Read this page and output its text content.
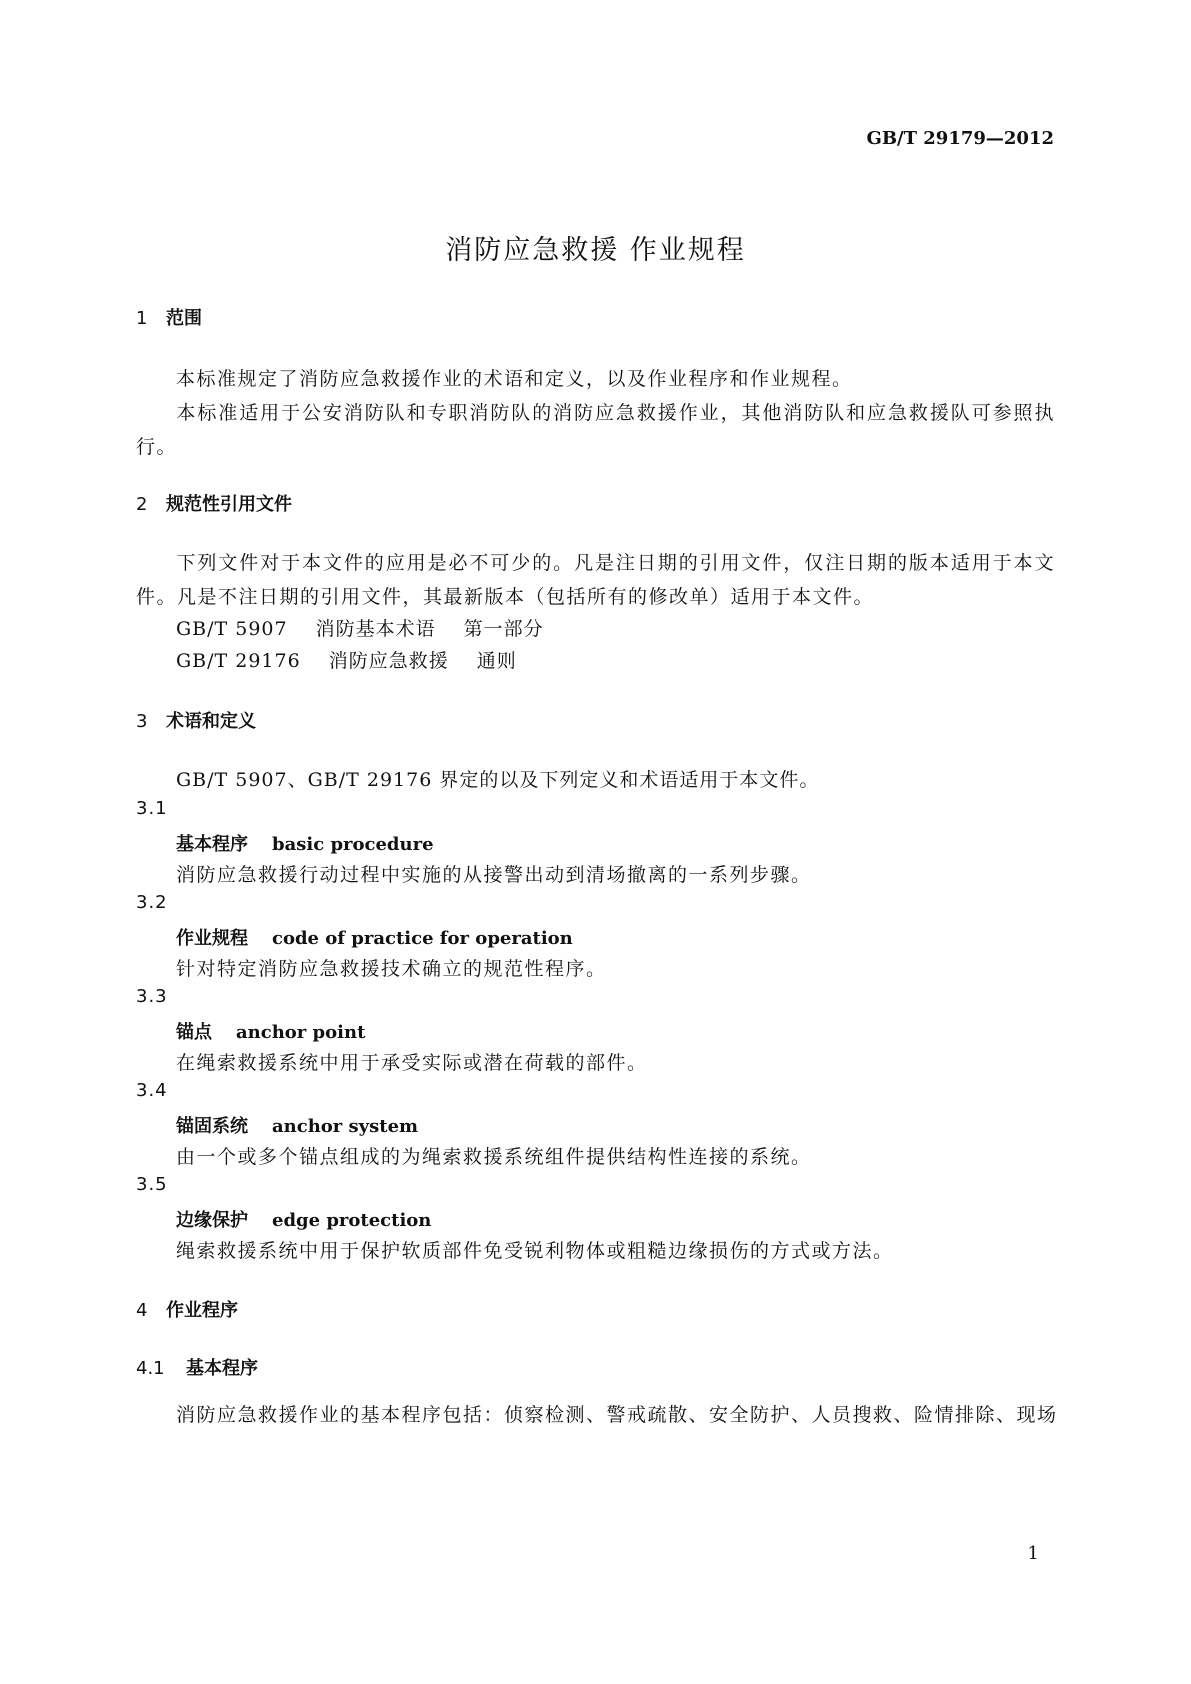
GB/T 29179—2012
消防应急救援 作业规程
1 范围
本标准规定了消防应急救援作业的术语和定义，以及作业程序和作业规程。
本标准适用于公安消防队和专职消防队的消防应急救援作业，其他消防队和应急救援队可参照执行。
2 规范性引用文件
下列文件对于本文件的应用是必不可少的。凡是注日期的引用文件，仅注日期的版本适用于本文件。凡是不注日期的引用文件，其最新版本（包括所有的修改单）适用于本文件。
GB/T 5907 消防基本术语 第一部分
GB/T 29176 消防应急救援 通则
3 术语和定义
GB/T 5907、GB/T 29176 界定的以及下列定义和术语适用于本文件。
3.1
基本程序 basic procedure
消防应急救援行动过程中实施的从接警出动到清场撤离的一系列步骤。
3.2
作业规程 code of practice for operation
针对特定消防应急救援技术确立的规范性程序。
3.3
锚点 anchor point
在绳索救援系统中用于承受实际或潜在荷载的部件。
3.4
锚固系统 anchor system
由一个或多个锚点组成的为绳索救援系统组件提供结构性连接的系统。
3.5
边缘保护 edge protection
绳索救援系统中用于保护软质部件免受锐利物体或粗糙边缘损伤的方式或方法。
4 作业程序
4.1 基本程序
消防应急救援作业的基本程序包括：侦察检测、警戒疏散、安全防护、人员搜救、险情排除、现场
1
